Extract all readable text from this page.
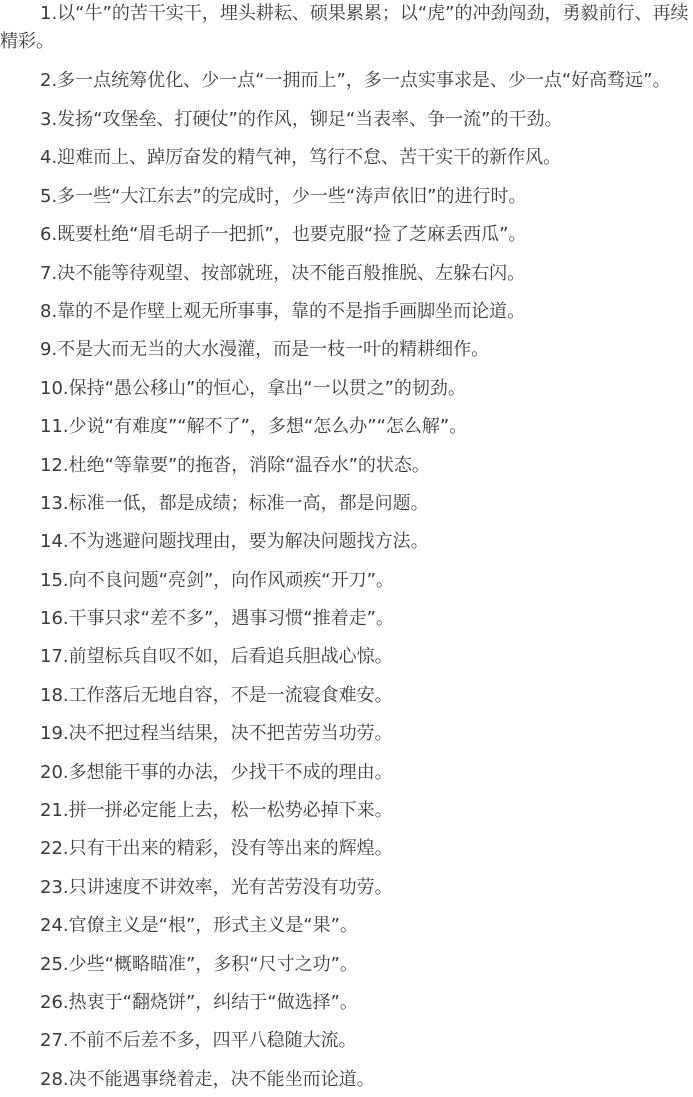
1.以“牛”的苦干实干，埋头耕耘、硕果累累；以“虎”的冲劲闯劲，勇毅前行、再续精彩。

2.多一点统筹优化、少一点“一拥而上”，多一点实事求是、少一点“好高骛远”。

3.发扬“攻堡垒、打硬仗”的作风，铆足“当表率、争一流”的干劲。

4.迎难而上、踔厉奋发的精气神，笃行不怠、苦干实干的新作风。

5.多一些“大江东去”的完成时，少一些“涛声依旧”的进行时。

6.既要杜绝“眉毛胡子一把抓”，也要克服“捡了芝麻丢西瓜”。

7.决不能等待观望、按部就班，决不能百般推脱、左躲右闪。

8.靠的不是作壁上观无所事事，靠的不是指手画脚坐而论道。

9.不是大而无当的大水漫灌，而是一枝一叶的精耕细作。

10.保持“愚公移山”的恒心，拿出“一以贯之”的韧劲。

11.少说“有难度”“解不了”，多想“怎么办”“怎么解”。

12.杜绝“等靠要”的拖沓，消除“温吞水”的状态。

13.标准一低，都是成绩；标准一高，都是问题。

14.不为逃避问题找理由，要为解决问题找方法。

15.向不良问题“亮剑”，向作风顽疾“开刀”。

16.干事只求“差不多”，遇事习惯“推着走”。

17.前望标兵自叹不如，后看追兵胆战心惊。

18.工作落后无地自容，不是一流寝食难安。

19.决不把过程当结果，决不把苦劳当功劳。

20.多想能干事的办法，少找干不成的理由。

21.拼一拼必定能上去，松一松势必掉下来。

22.只有干出来的精彩，没有等出来的辉煌。

23.只讲速度不讲效率，光有苦劳没有功劳。

24.官僚主义是“根”，形式主义是“果”。

25.少些“概略瞄准”，多积“尺寸之功”。

26.热衷于“翻烧饼”，纠结于“做选择”。

27.不前不后差不多，四平八稳随大流。

28.决不能遇事绕着走，决不能坐而论道。
